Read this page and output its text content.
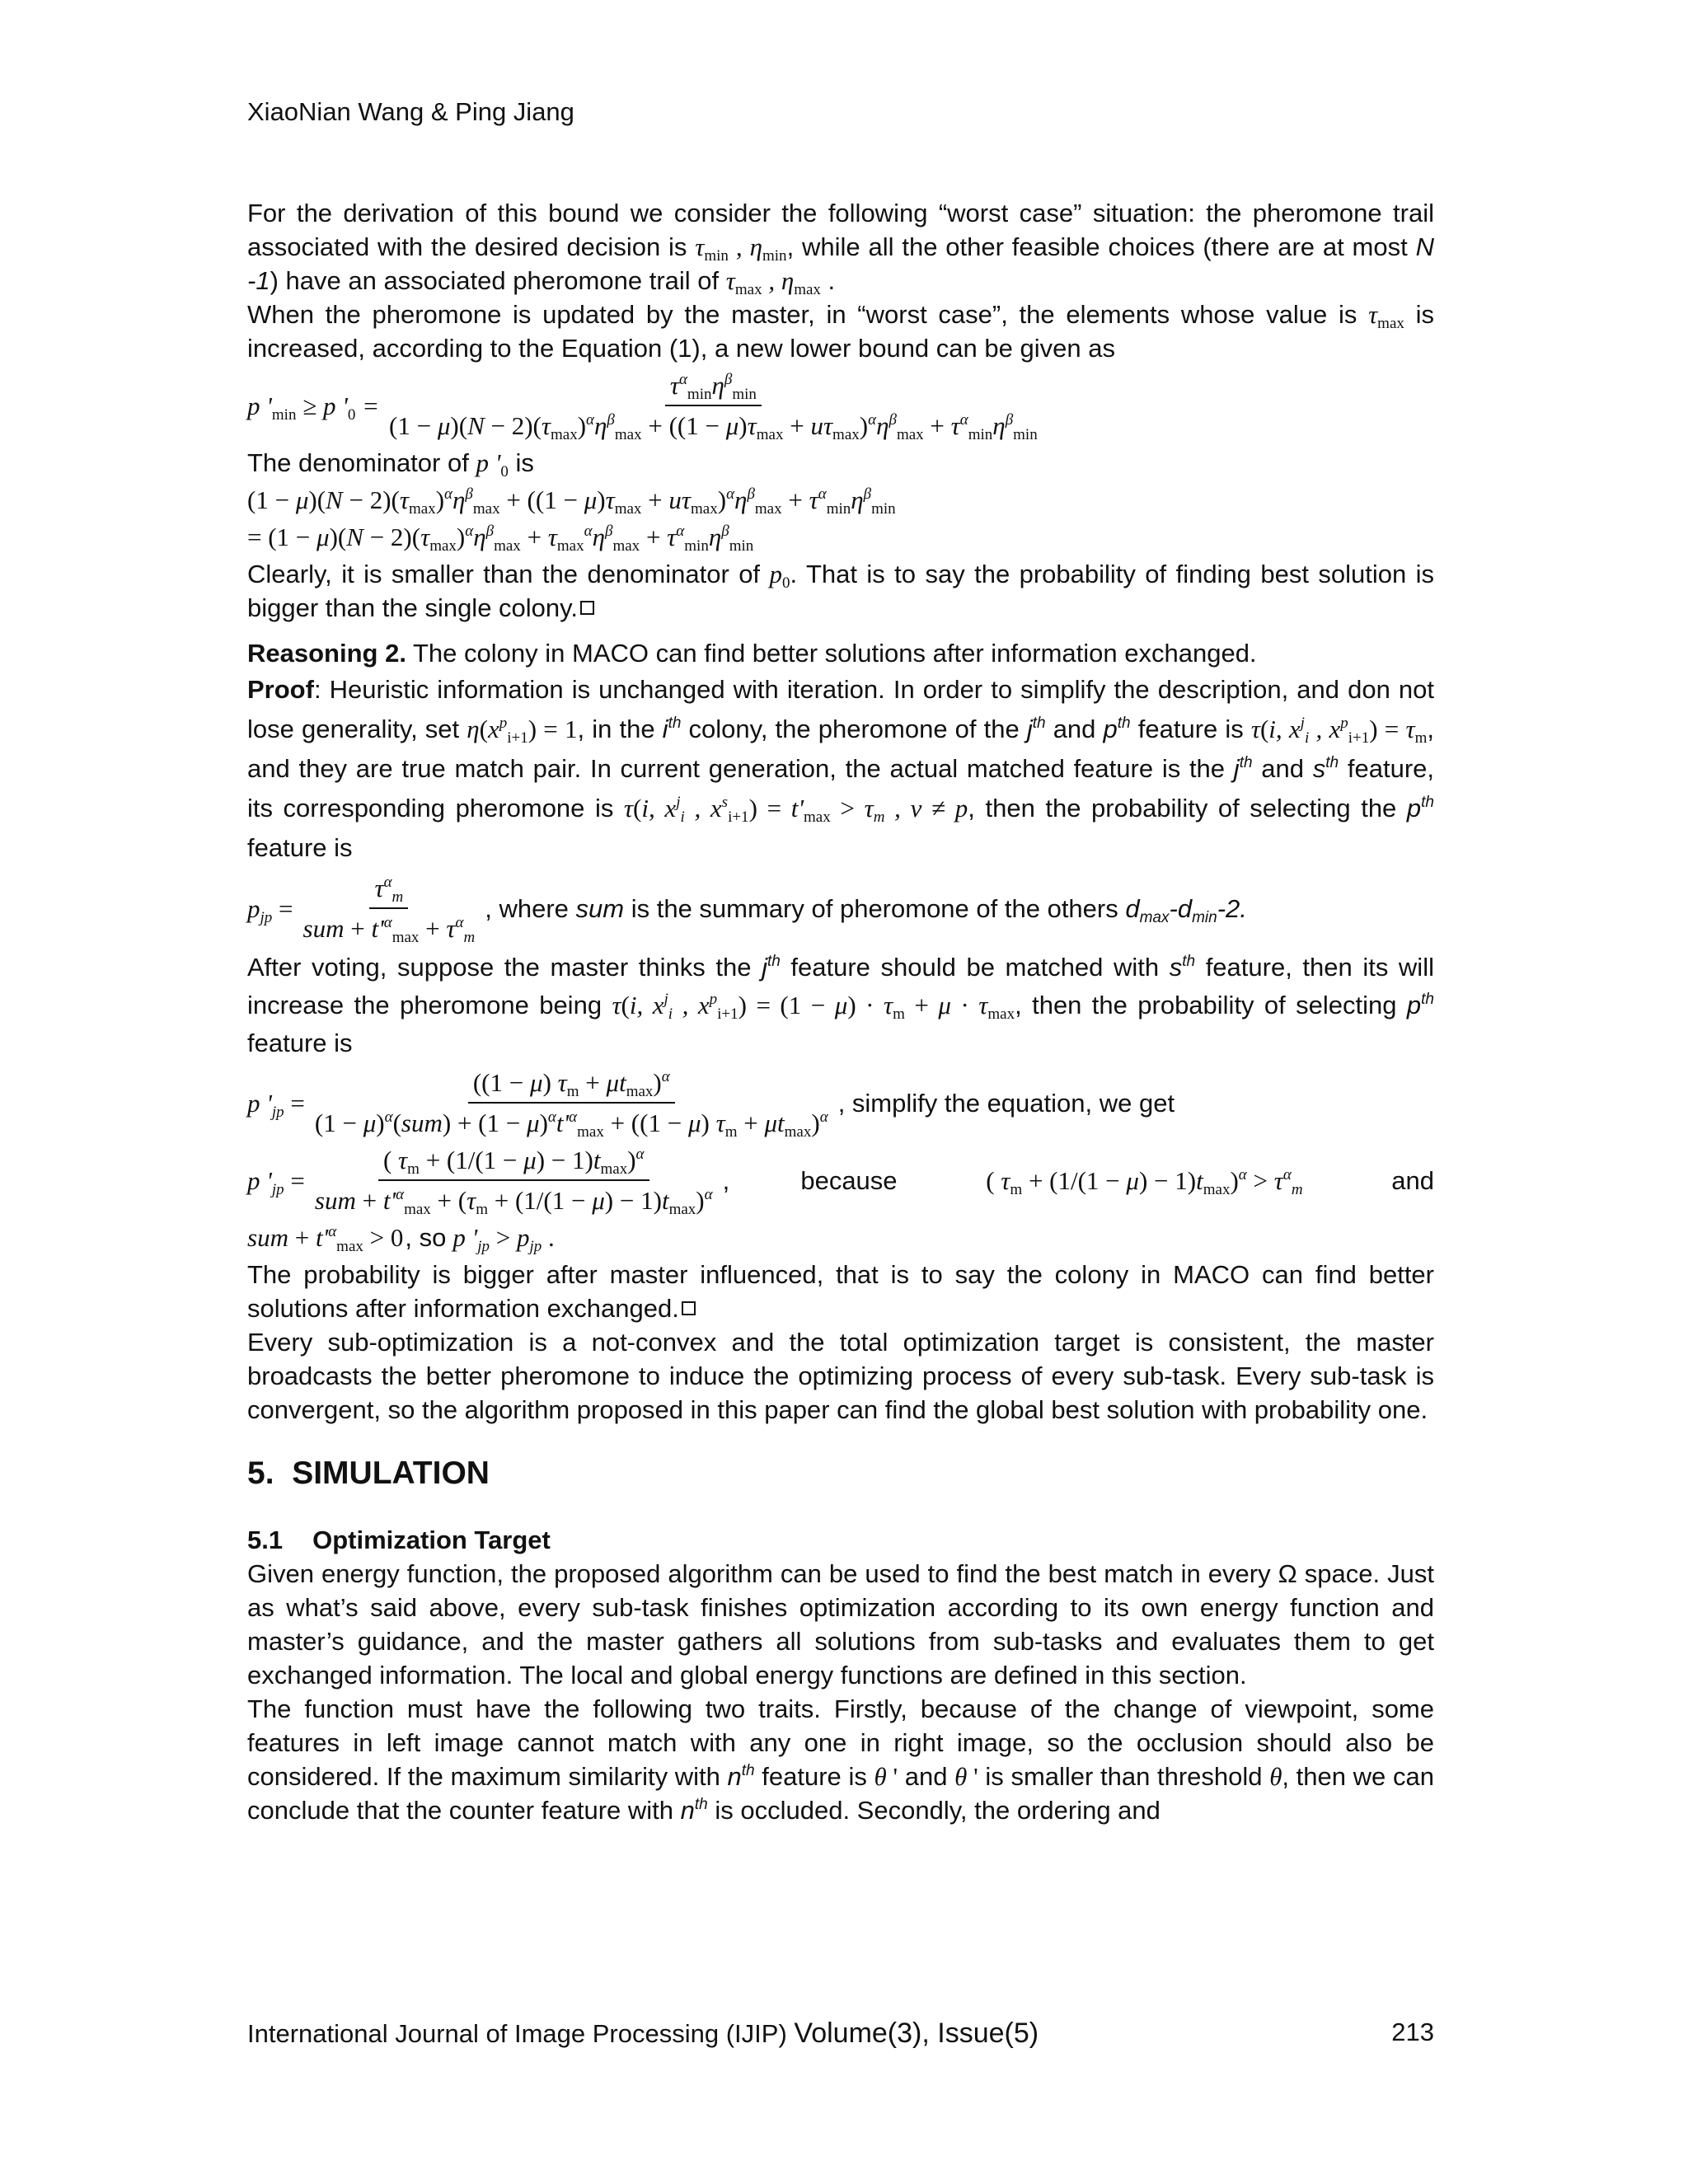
XiaoNian Wang & Ping Jiang

For the derivation of this bound we consider the following “worst case” situation: the pheromone trail associated with the desired decision is $\tau_{min}$ , $\eta_{min}$, while all the other feasible choices (there are at most N -1) have an associated pheromone trail of $\tau_{max}$ , $\eta_{max}$ .

When the pheromone is updated by the master, in “worst case”, the elements whose value is $\tau_{max}$ is increased, according to the Equation (1), a new lower bound can be given as

p '$_{min} \ge p$ '$_0$ =
$\tau^\alpha_{min}\eta^\beta_{min}$
$(1 - \mu)(N - 2)(\tau_{max})^\alpha\eta^\beta_{max} + ((1 - \mu)\tau_{max} + u\tau_{max})^\alpha\eta^\beta_{max} + \tau^\alpha_{min}\eta^\beta_{min}$

The denominator of p '$_0$ is

$(1 - \mu)(N - 2)(\tau_{max})^\alpha\eta^\beta_{max} + ((1 - \mu)\tau_{max} + u\tau_{max})^\alpha\eta^\beta_{max} + \tau^\alpha_{min}\eta^\beta_{min}$
= $(1 - \mu)(N - 2)(\tau_{max})^\alpha\eta^\beta_{max} + \tau_{max}^\alpha\eta^\beta_{max} + \tau^\alpha_{min}\eta^\beta_{min}$

Clearly, it is smaller than the denominator of $p_0$. That is to say the probability of finding best solution is bigger than the single colony.

Reasoning 2. The colony in MACO can find better solutions after information exchanged.

Proof: Heuristic information is unchanged with iteration. In order to simplify the description, and don not lose generality, set $\eta(x^p_{i+1}) = 1$, in the $i^{th}$ colony, the pheromone of the $j^{th}$ and $p^{th}$ feature is τ(i, $x^j_i$ , $x^p_{i+1}) = \tau_m$, and they are true match pair. In current generation, the actual matched feature is the $j^{th}$ and $s^{th}$ feature, its corresponding pheromone is τ(i, $x^j_i$ , $x^s_{i+1}) = t'_{max} > \tau_m$ , v ≠ p, then the probability of selecting the $p^{th}$ feature is

$p_{jp} = \frac{\tau^\alpha_m}{sum + t'^\alpha_{max} + \tau^\alpha_m}$ , where sum is the summary of pheromone of the others $d_{max}-d_{min}-2$.

After voting, suppose the master thinks the $j^{th}$ feature should be matched with $s^{th}$ feature, then its will increase the pheromone being τ(i, $x^j_i$ , $x^p_{i+1}) = (1 - \mu) \cdot \tau_m + \mu \cdot \tau_{max}$, then the probability of selecting $p^{th}$ feature is

p '$_{jp} = \frac{((1 - \mu) \tau_m + \mu t_{max})^\alpha}{(1 - \mu)^\alpha(sum) + (1 - \mu)^\alpha t'^\alpha_{max} + ((1 - \mu) \tau_m + \mu t_{max})^\alpha}$ , simplify the equation, we get
p '$_{jp} = \frac{( \tau_m + (1/(1 - \mu) - 1)t_{max})^\alpha}{sum + t'^\alpha_{max} + (\tau_m + (1/(1 - \mu) - 1)t_{max})^\alpha}$ ,          because	( $\tau_m + (1/(1 - \mu) - 1)t_{max})^\alpha > \tau^\alpha_m$	and
sum + $t'^\alpha_{max} > 0$ , so p '$_{jp} > p_{jp}$ .

The probability is bigger after master influenced, that is to say the colony in MACO can find better solutions after information exchanged.

Every sub-optimization is a not-convex and the total optimization target is consistent, the master broadcasts the better pheromone to induce the optimizing process of every sub-task. Every sub-task is convergent, so the algorithm proposed in this paper can find the global best solution with probability one.

5. SIMULATION
5.1 Optimization Target

Given energy function, the proposed algorithm can be used to find the best match in every Ω space. Just as what’s said above, every sub-task finishes optimization according to its own energy function and master’s guidance, and the master gathers all solutions from sub-tasks and evaluates them to get exchanged information. The local and global energy functions are defined in this section.

The function must have the following two traits. Firstly, because of the change of viewpoint, some features in left image cannot match with any one in right image, so the occlusion should also be considered. If the maximum similarity with $n^{th}$ feature is θ ' and θ ' is smaller than threshold θ, then we can conclude that the counter feature with $n^{th}$ is occluded. Secondly, the ordering and

International Journal of Image Processing (IJIP) Volume(3), Issue(5)	213
